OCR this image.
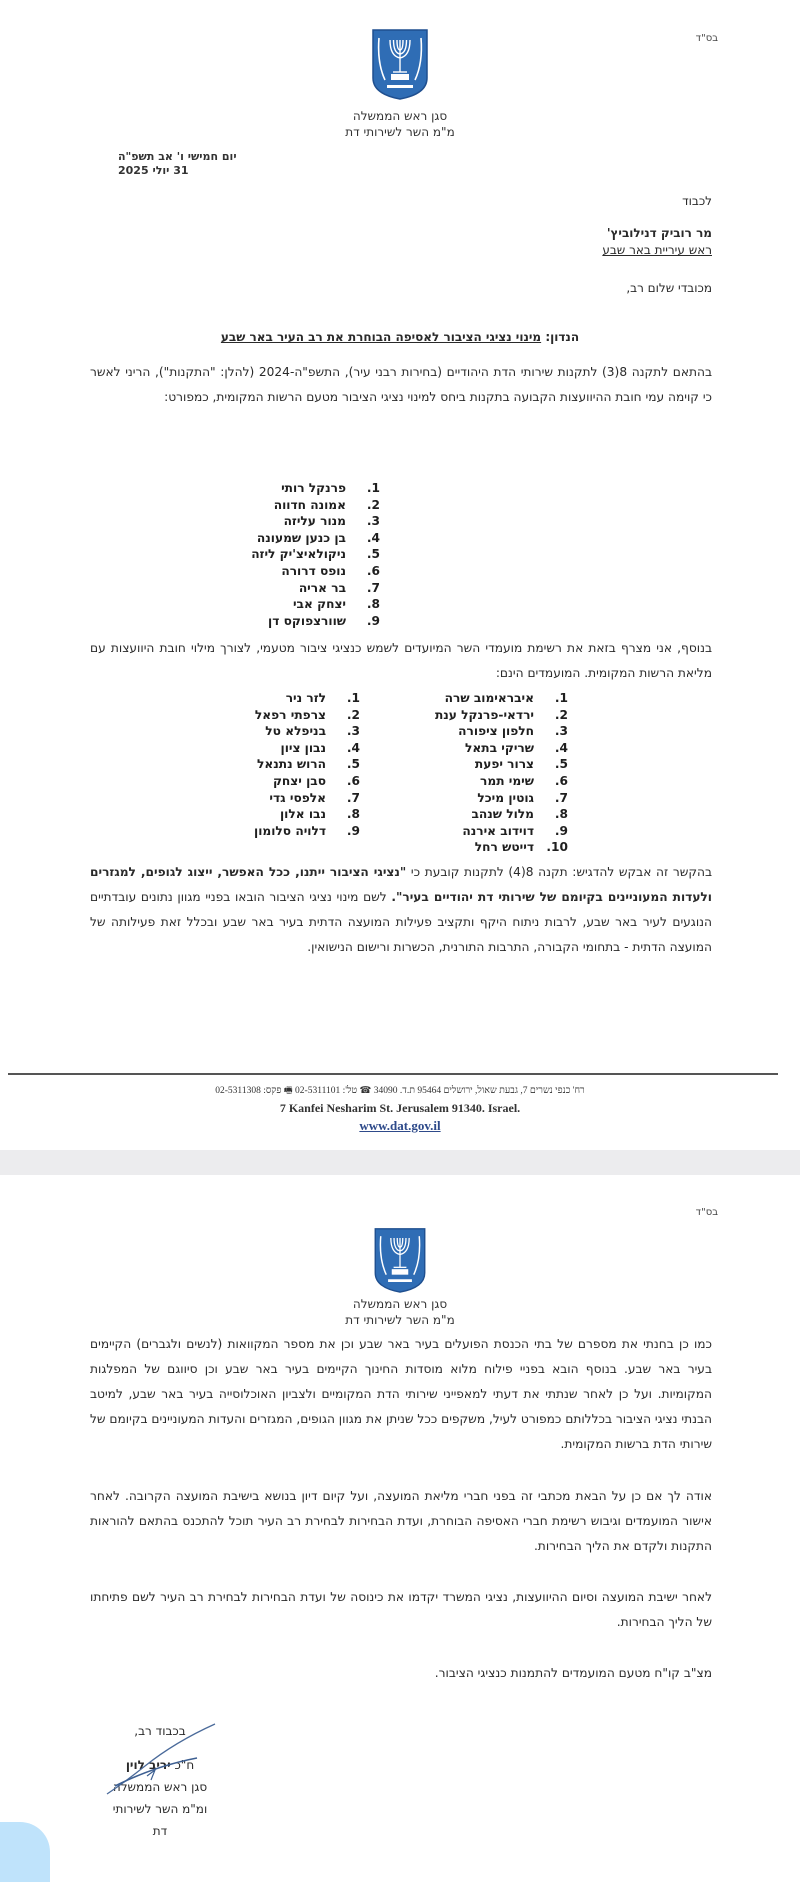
בס"ד
סגן ראש הממשלה
מ"מ השר לשירותי דת
יום חמישי ו' אב תשפ"ה
31 יולי 2025
לכבוד
מר רוביק דנילוביץ'
ראש עיריית באר שבע
מכובדי שלום רב,
הנדון: מינוי נציגי הציבור לאסיפה הבוחרת את רב העיר באר שבע
בהתאם לתקנה 8(3) לתקנות שירותי הדת היהודיים (בחירות רבני עיר), התשפ"ה-2024 (להלן: "התקנות"), הריני לאשר כי קוימה עמי חובת ההיוועצות הקבועה בתקנות ביחס למינוי נציגי הציבור מטעם הרשות המקומית, כמפורט:
1 .
פרנקל רותי
2 .
אמונה חדווה
3 .
מנור עליזה
4 .
בן כנען שמעונה
5 .
ניקולאיצ'יק ליזה
6 .
נופס דרורה
7 .
בר אריה
8 .
יצחק אבי
9 .
שוורצפוקס דן
בנוסף, אני מצרף בזאת את רשימת מועמדי השר המיועדים לשמש כנציגי ציבור מטעמי, לצורך מילוי חובת היוועצות עם מליאת הרשות המקומית. המועמדים הינם:
1 .
איבראימוב שרה
2 .
ירדאי-פרנקל ענת
3 .
חלפון ציפורה
4 .
שריקי בתאל
5 .
צרור יפעת
6 .
שימי תמר
7 .
גוטין מיכל
8 .
מלול שנהב
9 .
דוידוב אירנה
10 .
דייטש רחל
1 .
לזר ניר
2 .
צרפתי רפאל
3 .
בניפלא טל
4 .
נבון ציון
5 .
הרוש נתנאל
6 .
סבן יצחק
7 .
אלפסי גדי
8 .
נבו אלון
9 .
דלויה סלומון
בהקשר זה אבקש להדגיש: תקנה 8(4) לתקנות קובעת כי "נציגי הציבור ייתנו, ככל האפשר, ייצוג לגופים, למגזרים ולעדות המעוניינים בקיומם של שירותי דת יהודיים בעיר". לשם מינוי נציגי הציבור הובאו בפניי מגוון נתונים עובדתיים הנוגעים לעיר באר שבע, לרבות ניתוח היקף ותקציב פעילות המועצה הדתית בעיר באר שבע ובכלל זאת פעילותה של המועצה הדתית - בתחומי הקבורה, התרבות התורנית, הכשרות ורישום הנישואין.
רח' כנפי נשרים 7, גבעת שאול, ירושלים 95464 ת.ד. 34090 ☎ טל': 02-5311101 🖷 פקס: 02-5311308
7 Kanfei Nesharim St. Jerusalem 91340. Israel.
www.dat.gov.il
בס"ד
סגן ראש הממשלה
מ"מ השר לשירותי דת
כמו כן בחנתי את מספרם של בתי הכנסת הפועלים בעיר באר שבע וכן את מספר המקוואות (לנשים ולגברים) הקיימים בעיר באר שבע. בנוסף הובא בפניי פילוח מלוא מוסדות החינוך הקיימים בעיר באר שבע וכן סיווגם של המפלגות המקומיות. ועל כן לאחר שנתתי את דעתי למאפייני שירותי הדת המקומיים ולצביון האוכלוסייה בעיר באר שבע, למיטב הבנתי נציגי הציבור בכללותם כמפורט לעיל, משקפים ככל שניתן את מגוון הגופים, המגזרים והעדות המעוניינים בקיומם של שירותי הדת ברשות המקומית.
אודה לך אם כן על הבאת מכתבי זה בפני חברי מליאת המועצה, ועל קיום דיון בנושא בישיבת המועצה הקרובה. לאחר אישור המועמדים וגיבוש רשימת חברי האסיפה הבוחרת, ועדת הבחירות לבחירת רב העיר תוכל להתכנס בהתאם להוראות התקנות ולקדם את הליך הבחירות.
לאחר ישיבת המועצה וסיום ההיוועצות, נציגי המשרד יקדמו את כינוסה של ועדת הבחירות לבחירת רב העיר לשם פתיחתו של הליך הבחירות.
מצ"ב קו"ח מטעם המועמדים להתמנות כנציגי הציבור.
בכבוד רב,
ח"כ יריב לוין
סגן ראש הממשלה
ומ"מ השר לשירותי דת
